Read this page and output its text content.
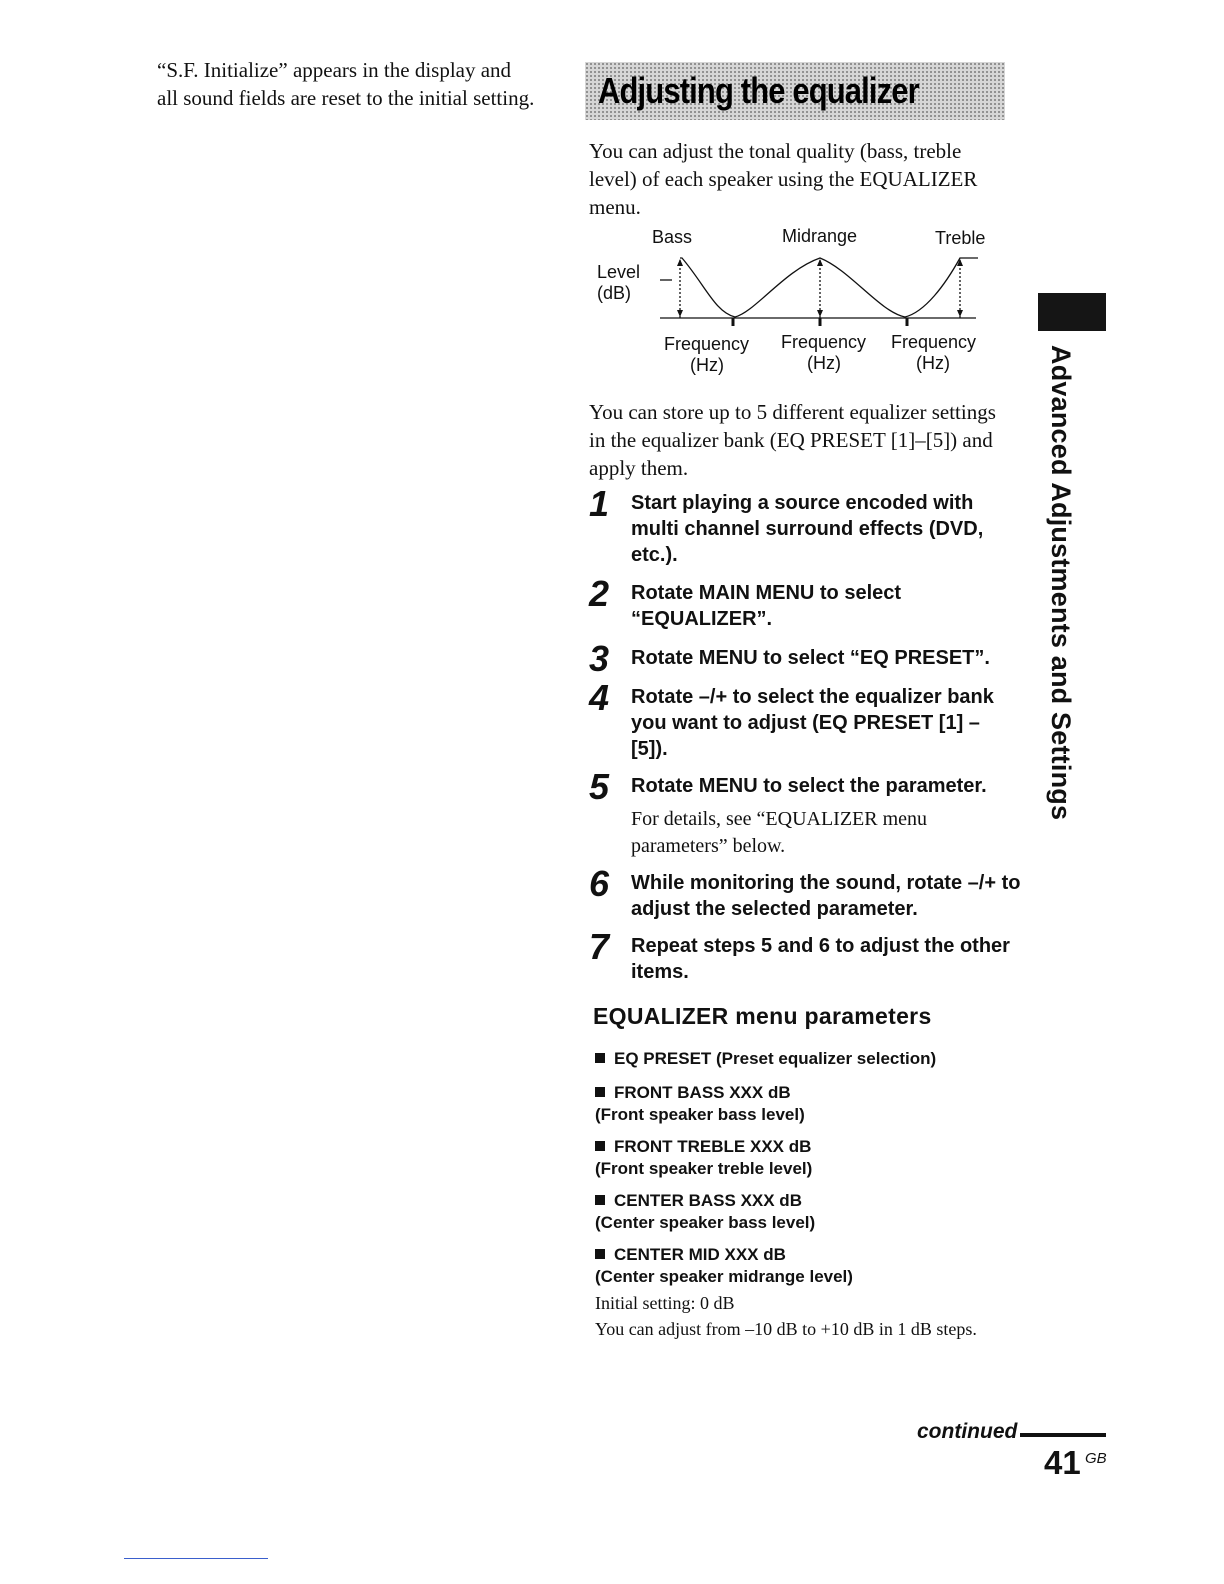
“S.F. Initialize” appears in the display and all sound fields are reset to the initial setting. Adjusting the equalizer
You can adjust the tonal quality (bass, treble level) of each speaker using the EQUALIZER menu.
Bass	Midrange	Treble
Level
(dB)
Frequency
(Hz)
Frequency
(Hz)
Frequency
(Hz)
You can store up to 5 different equalizer settings in the equalizer bank (EQ PRESET [1]–[5]) and apply them.
1 Start playing a source encoded with multi channel surround effects (DVD, etc.).
2 Rotate MAIN MENU to select “EQUALIZER”.
3 Rotate MENU to select “EQ PRESET”.
4 Rotate –/+ to select the equalizer bank you want to adjust (EQ PRESET [1] – [5]).
5 Rotate MENU to select the parameter.
For details, see “EQUALIZER menu parameters” below.
6 While monitoring the sound, rotate –/+ to adjust the selected parameter.
7 Repeat steps 5 and 6 to adjust the other items.
EQUALIZER menu parameters
EQ PRESET (Preset equalizer selection)
FRONT BASS XXX dB
(Front speaker bass level)
FRONT TREBLE XXX dB
(Front speaker treble level)
CENTER BASS XXX dB
(Center speaker bass level)
CENTER MID XXX dB
(Center speaker midrange level)
Initial setting: 0 dB
You can adjust from –10 dB to +10 dB in 1 dB steps.
Advanced Adjustments and Settings
continued
41 GB
